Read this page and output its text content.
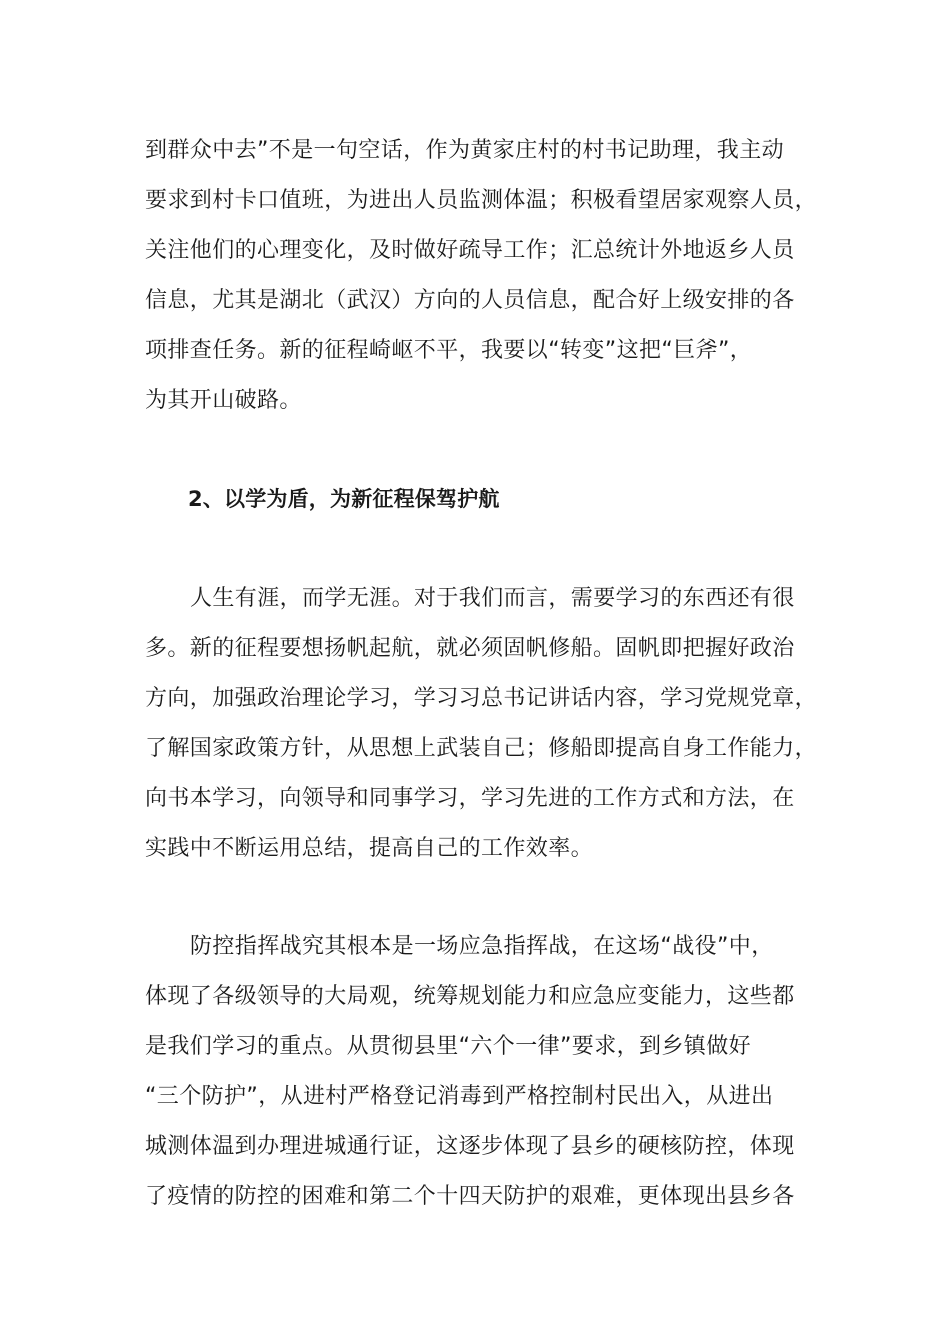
到群众中去”不是一句空话，作为黄家庄村的村书记助理，我主动
要求到村卡口值班，为进出人员监测体温；积极看望居家观察人员，
关注他们的心理变化，及时做好疏导工作；汇总统计外地返乡人员
信息，尤其是湖北（武汉）方向的人员信息，配合好上级安排的各
项排查任务。新的征程崎岖不平，我要以“转变”这把“巨斧”，
为其开山破路。
2、以学为盾，为新征程保驾护航
人生有涯，而学无涯。对于我们而言，需要学习的东西还有很
多。新的征程要想扬帆起航，就必须固帆修船。固帆即把握好政治
方向，加强政治理论学习，学习习总书记讲话内容，学习党规党章，
了解国家政策方针，从思想上武装自己；修船即提高自身工作能力，
向书本学习，向领导和同事学习，学习先进的工作方式和方法，在
实践中不断运用总结，提高自己的工作效率。
防控指挥战究其根本是一场应急指挥战，在这场“战役”中，
体现了各级领导的大局观，统筹规划能力和应急应变能力，这些都
是我们学习的重点。从贯彻县里“六个一律”要求，到乡镇做好
“三个防护”，从进村严格登记消毒到严格控制村民出入，从进出
城测体温到办理进城通行证，这逐步体现了县乡的硬核防控，体现
了疫情的防控的困难和第二个十四天防护的艰难，更体现出县乡各
